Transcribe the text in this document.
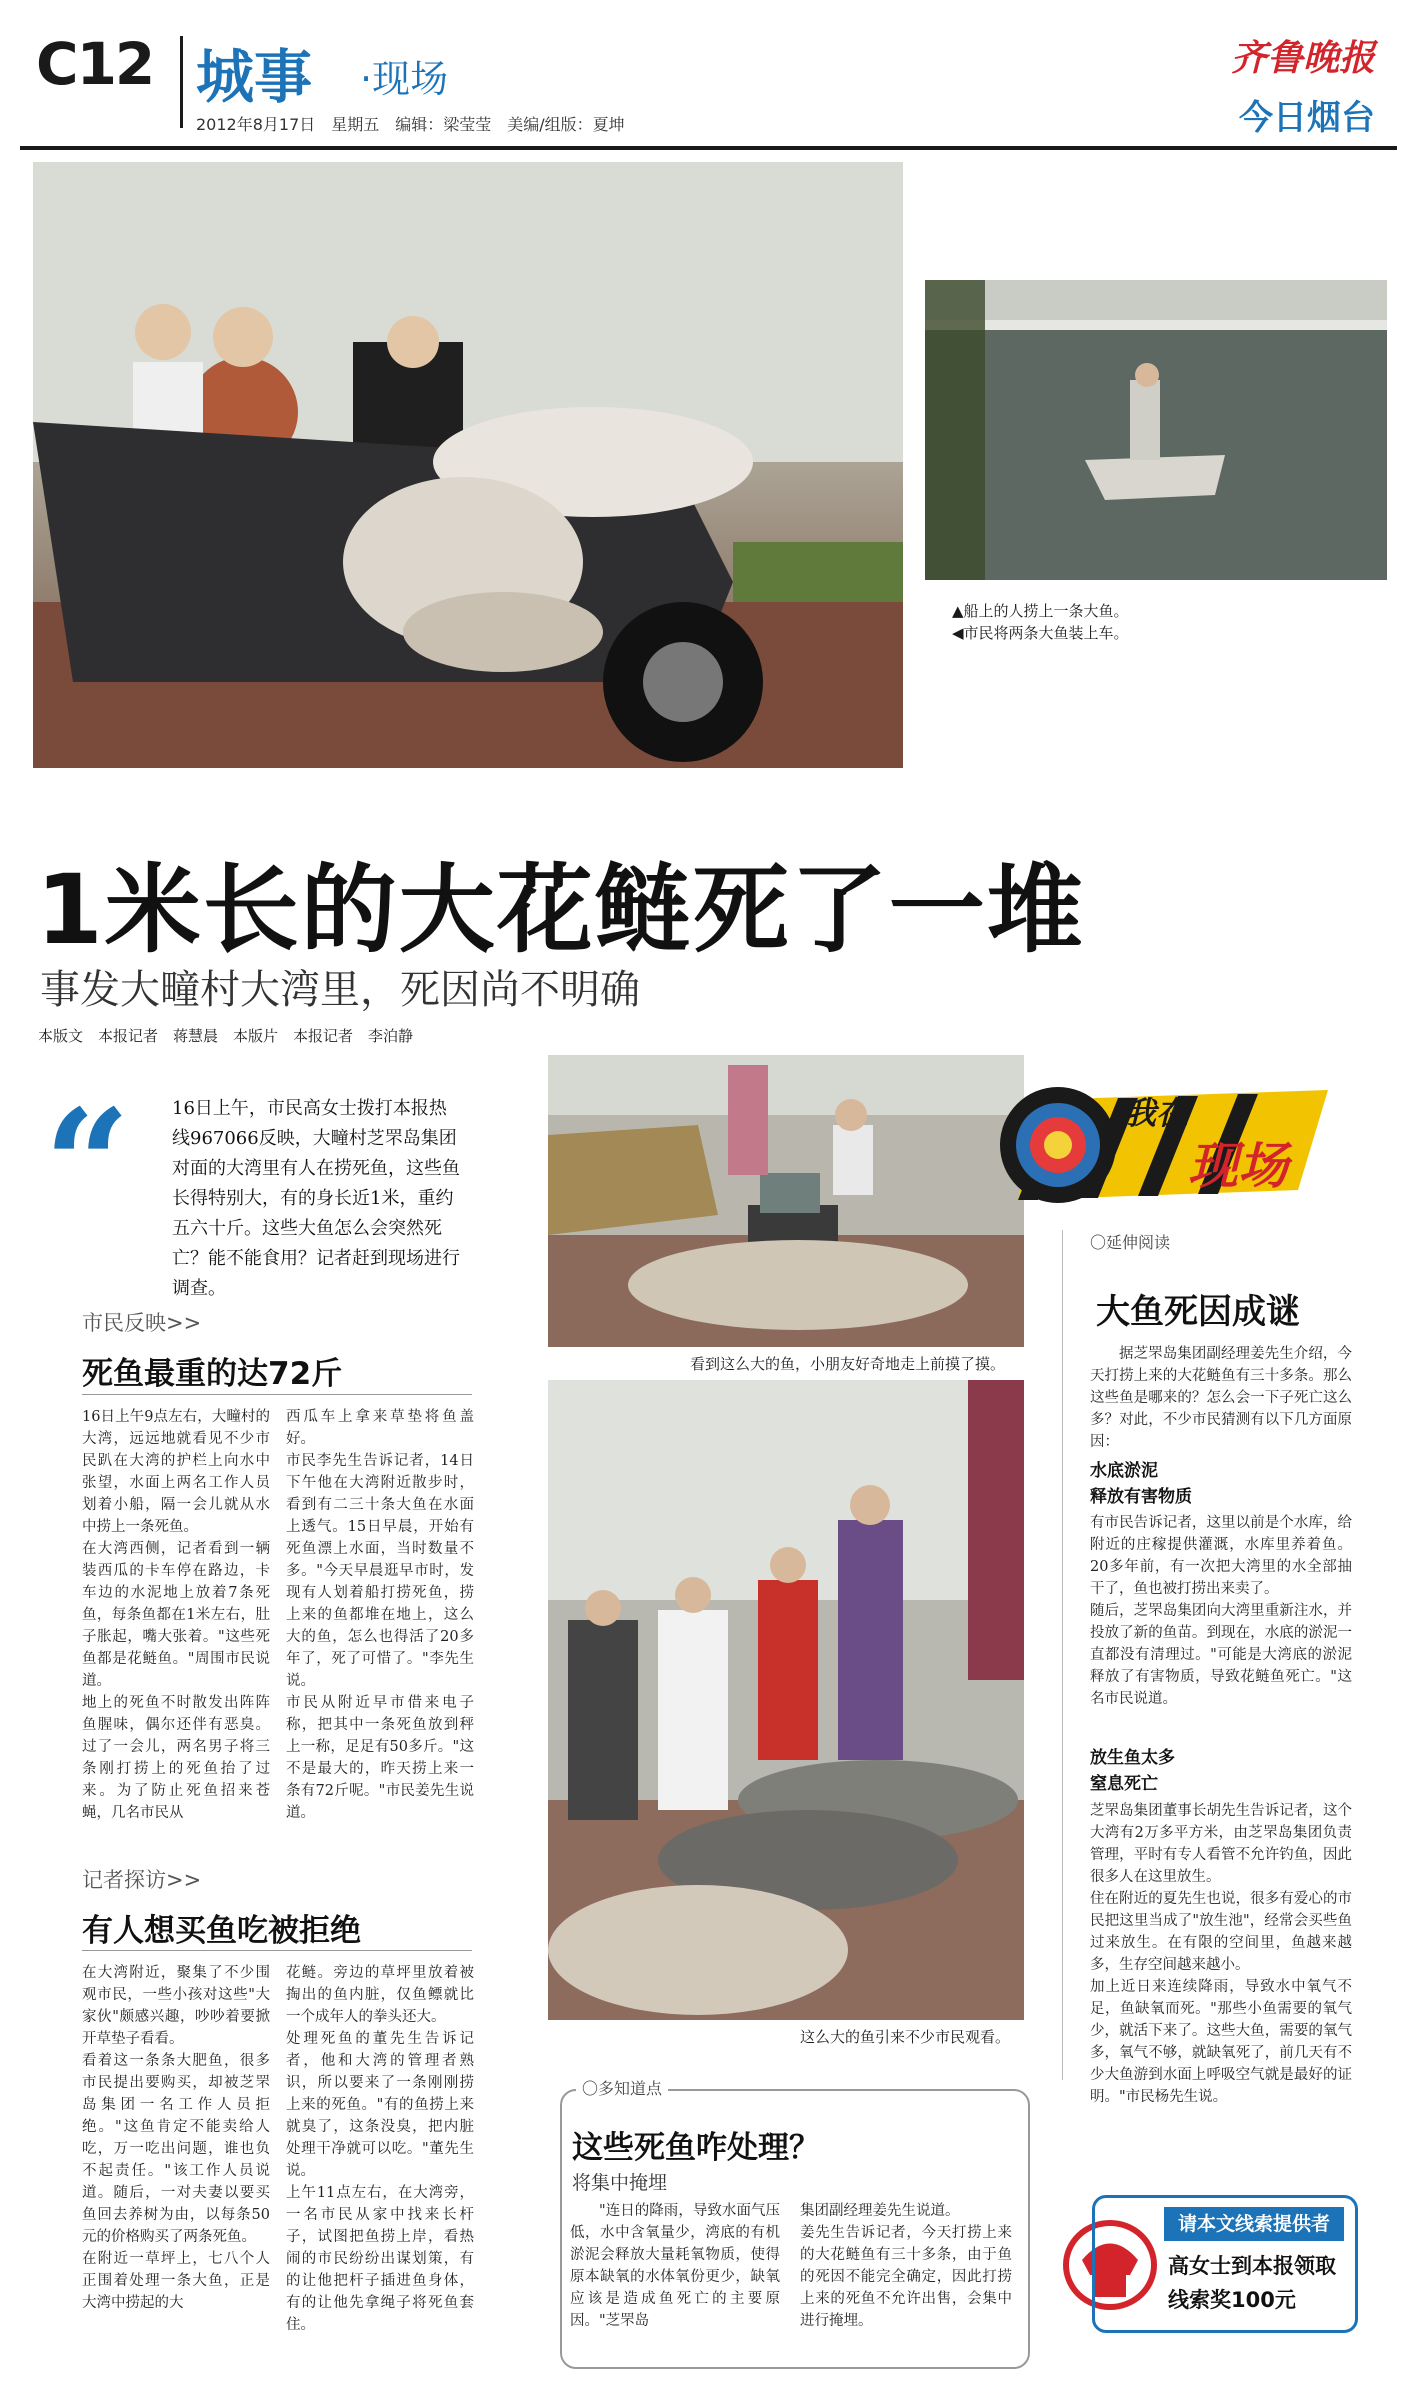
C12 城事 ·现场
2012年8月17日　星期五　编辑：梁莹莹　美编/组版：夏坤
齐鲁晚报
今日烟台
▲船上的人捞上一条大鱼。
◀市民将两条大鱼装上车。
1米长的大花鲢死了一堆
事发大疃村大湾里，死因尚不明确
本版文　本报记者　蒋慧晨　本版片　本报记者　李泊静
“ 16日上午，市民高女士拨打本报热线967066反映，大疃村芝罘岛集团对面的大湾里有人在捞死鱼，这些鱼长得特别大，有的身长近1米，重约五六十斤。这些大鱼怎么会突然死亡？能不能食用？记者赶到现场进行调查。
市民反映>>
死鱼最重的达72斤
16日上午9点左右，大疃村的大湾，远远地就看见不少市民趴在大湾的护栏上向水中张望，水面上两名工作人员划着小船，隔一会儿就从水中捞上一条死鱼。
在大湾西侧，记者看到一辆装西瓜的卡车停在路边，卡车边的水泥地上放着7条死鱼，每条鱼都在1米左右，肚子胀起，嘴大张着。"这些死鱼都是花鲢鱼。"周围市民说道。
地上的死鱼不时散发出阵阵鱼腥味，偶尔还伴有恶臭。过了一会儿，两名男子将三条刚打捞上的死鱼抬了过来。为了防止死鱼招来苍蝇，几名市民从
西瓜车上拿来草垫将鱼盖好。
市民李先生告诉记者，14日下午他在大湾附近散步时，看到有二三十条大鱼在水面上透气。15日早晨，开始有死鱼漂上水面，当时数量不多。"今天早晨逛早市时，发现有人划着船打捞死鱼，捞上来的鱼都堆在地上，这么大的鱼，怎么也得活了20多年了，死了可惜了。"李先生说。
市民从附近早市借来电子称，把其中一条死鱼放到秤上一称，足足有50多斤。"这不是最大的，昨天捞上来一条有72斤呢。"市民姜先生说道。
记者探访>>
有人想买鱼吃被拒绝
在大湾附近，聚集了不少围观市民，一些小孩对这些"大家伙"颇感兴趣，吵吵着要掀开草垫子看看。
看着这一条条大肥鱼，很多市民提出要购买，却被芝罘岛集团一名工作人员拒绝。"这鱼肯定不能卖给人吃，万一吃出问题，谁也负不起责任。"该工作人员说道。随后，一对夫妻以要买鱼回去养树为由，以每条50元的价格购买了两条死鱼。
在附近一草坪上，七八个人正围着处理一条大鱼，正是大湾中捞起的大
花鲢。旁边的草坪里放着被掏出的鱼内脏，仅鱼鳔就比一个成年人的拳头还大。
处理死鱼的董先生告诉记者，他和大湾的管理者熟识，所以要来了一条刚刚捞上来的死鱼。"有的鱼捞上来就臭了，这条没臭，把内脏处理干净就可以吃。"董先生说。
上午11点左右，在大湾旁，一名市民从家中找来长杆子，试图把鱼捞上岸，看热闹的市民纷纷出谋划策，有的让他把杆子插进鱼身体，有的让他先拿绳子将死鱼套住。
看到这么大的鱼，小朋友好奇地走上前摸了摸。
这么大的鱼引来不少市民观看。
我在
现场
〇延伸阅读
大鱼死因成谜

据芝罘岛集团副经理姜先生介绍，今天打捞上来的大花鲢鱼有三十多条。那么这些鱼是哪来的？怎么会一下子死亡这么多？对此，不少市民猜测有以下几方面原因：

水底淤泥
释放有害物质
有市民告诉记者，这里以前是个水库，给附近的庄稼提供灌溉，水库里养着鱼。20多年前，有一次把大湾里的水全部抽干了，鱼也被打捞出来卖了。
随后，芝罘岛集团向大湾里重新注水，并投放了新的鱼苗。到现在，水底的淤泥一直都没有清理过。"可能是大湾底的淤泥释放了有害物质，导致花鲢鱼死亡。"这名市民说道。
放生鱼太多
窒息死亡
芝罘岛集团董事长胡先生告诉记者，这个大湾有2万多平方米，由芝罘岛集团负责管理，平时有专人看管不允许钓鱼，因此很多人在这里放生。
住在附近的夏先生也说，很多有爱心的市民把这里当成了"放生池"，经常会买些鱼过来放生。在有限的空间里，鱼越来越多，生存空间越来越小。
加上近日来连续降雨，导致水中氧气不足，鱼缺氧而死。"那些小鱼需要的氧气少，就活下来了。这些大鱼，需要的氧气多，氧气不够，就缺氧死了，前几天有不少大鱼游到水面上呼吸空气就是最好的证明。"市民杨先生说。
〇多知道点
这些死鱼咋处理？
将集中掩埋

"连日的降雨，导致水面气压低，水中含氧量少，湾底的有机淤泥会释放大量耗氧物质，使得原本缺氧的水体氧份更少，缺氧应该是造成鱼死亡的主要原因。"芝罘岛

集团副经理姜先生说道。
姜先生告诉记者，今天打捞上来的大花鲢鱼有三十多条，由于鱼的死因不能完全确定，因此打捞上来的死鱼不允许出售，会集中进行掩埋。
请本文线索提供者
高女士到本报领取
线索奖100元
